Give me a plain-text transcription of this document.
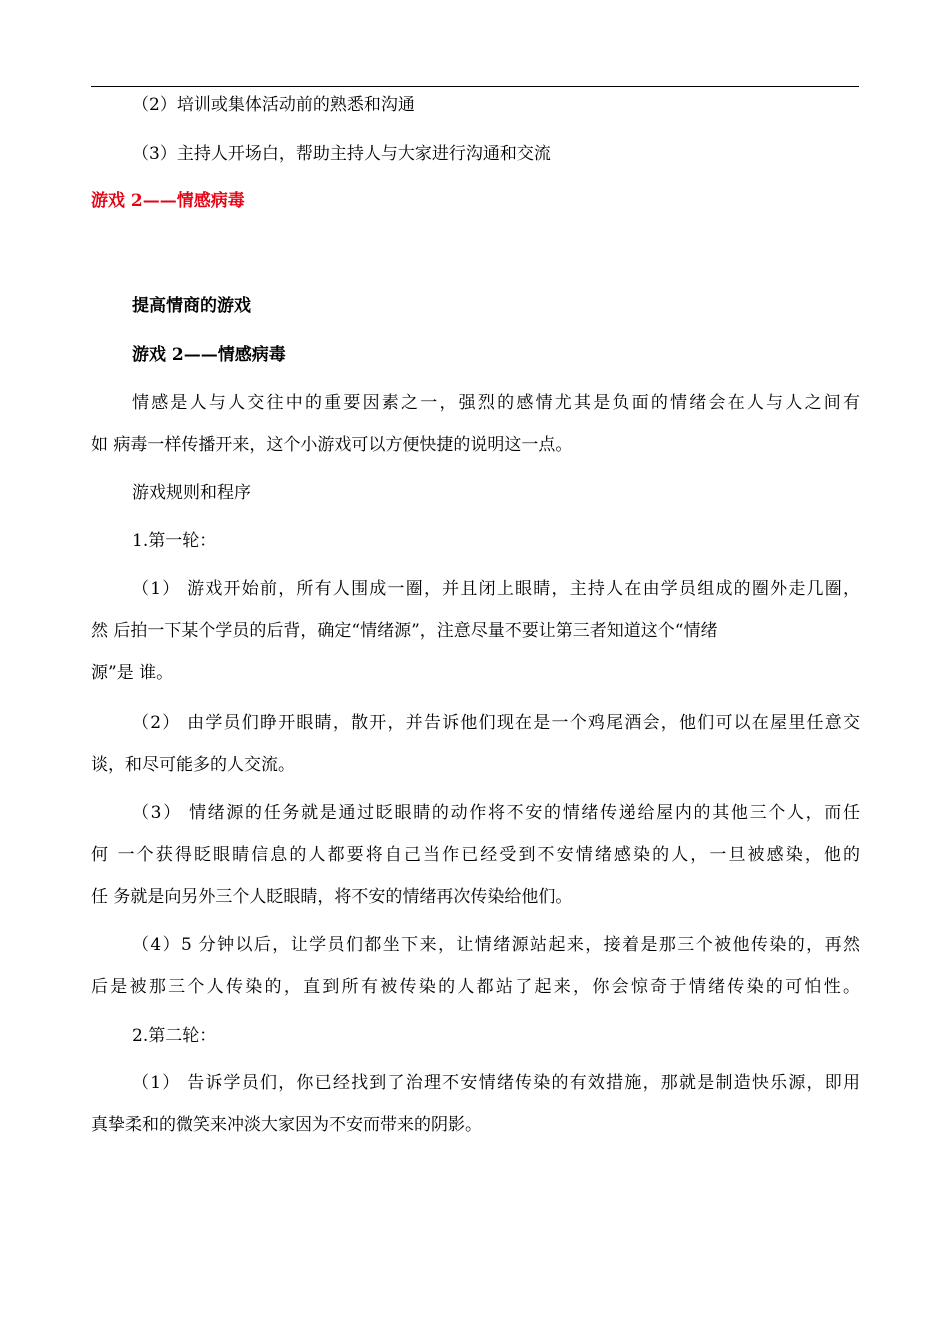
（2）培训或集体活动前的熟悉和沟通
（3）主持人开场白，帮助主持人与大家进行沟通和交流
游戏 2——情感病毒
提高情商的游戏
游戏 2——情感病毒
情感是人与人交往中的重要因素之一，强烈的感情尤其是负面的情绪会在人与人之间有
如 病毒一样传播开来，这个小游戏可以方便快捷的说明这一点。
游戏规则和程序
1.第一轮：
（1） 游戏开始前，所有人围成一圈，并且闭上眼睛，主持人在由学员组成的圈外走几圈，
然 后拍一下某个学员的后背，确定“情绪源”，注意尽量不要让第三者知道这个“情绪
源”是 谁。
（2） 由学员们睁开眼睛，散开，并告诉他们现在是一个鸡尾酒会，他们可以在屋里任意交
谈，和尽可能多的人交流。
（3） 情绪源的任务就是通过眨眼睛的动作将不安的情绪传递给屋内的其他三个人，而任
何 一个获得眨眼睛信息的人都要将自己当作已经受到不安情绪感染的人，一旦被感染，他的
任 务就是向另外三个人眨眼睛，将不安的情绪再次传染给他们。
（4）5 分钟以后，让学员们都坐下来，让情绪源站起来，接着是那三个被他传染的，再然
后是被那三个人传染的，直到所有被传染的人都站了起来，你会惊奇于情绪传染的可怕性。
2.第二轮：
（1） 告诉学员们，你已经找到了治理不安情绪传染的有效措施，那就是制造快乐源，即用
真挚柔和的微笑来冲淡大家因为不安而带来的阴影。
